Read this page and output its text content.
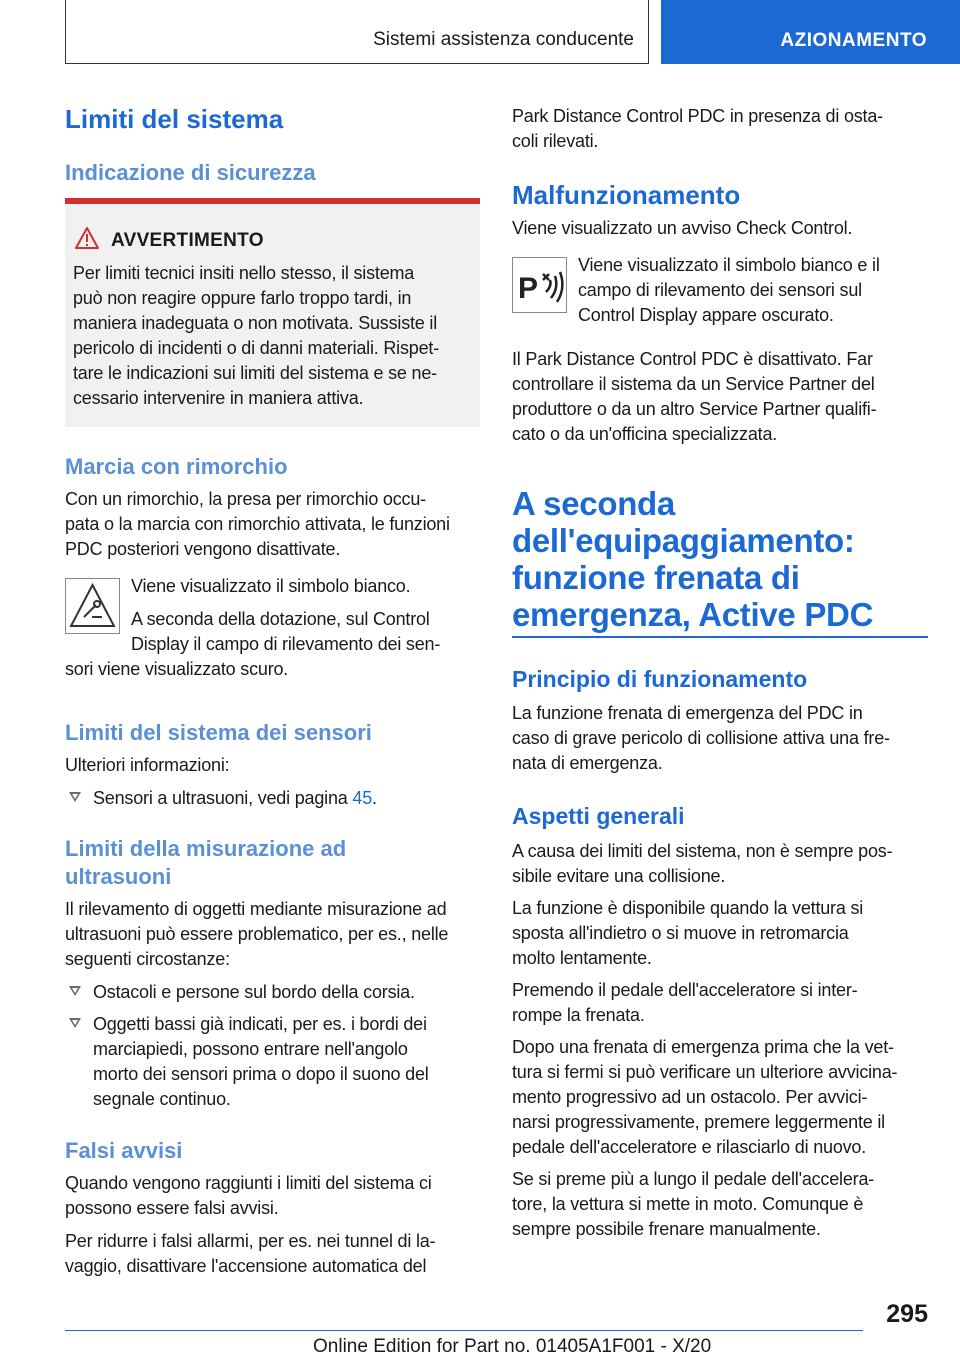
Sistemi assistenza conducente	AZIONAMENTO
Limiti del sistema
Indicazione di sicurezza
AVVERTIMENTO

Per limiti tecnici insiti nello stesso, il sistema

può non reagire oppure farlo troppo tardi, in

maniera inadeguata o non motivata. Sussiste il

pericolo di incidenti o di danni materiali. Rispet-

tare le indicazioni sui limiti del sistema e se ne-

cessario intervenire in maniera attiva.

Marcia con rimorchio

Con un rimorchio, la presa per rimorchio occu-

pata o la marcia con rimorchio attivata, le funzioni

PDC posteriori vengono disattivate.

Viene visualizzato il simbolo bianco.

A seconda della dotazione, sul Control

Display il campo di rilevamento dei sen-

sori viene visualizzato scuro.

Limiti del sistema dei sensori

Ulteriori informazioni:

Sensori a ultrasuoni, vedi pagina 45.

Limiti della misurazione ad
ultrasuoni

Il rilevamento di oggetti mediante misurazione ad

ultrasuoni può essere problematico, per es., nelle

seguenti circostanze:

Ostacoli e persone sul bordo della corsia.

Oggetti bassi già indicati, per es. i bordi dei

marciapiedi, possono entrare nell'angolo

morto dei sensori prima o dopo il suono del

segnale continuo.

Falsi avvisi

Quando vengono raggiunti i limiti del sistema ci

possono essere falsi avvisi.

Per ridurre i falsi allarmi, per es. nei tunnel di la-

vaggio, disattivare l'accensione automatica del

Park Distance Control PDC in presenza di osta-

coli rilevati.

Malfunzionamento

Viene visualizzato un avviso Check Control.

P

Viene visualizzato il simbolo bianco e il

campo di rilevamento dei sensori sul

Control Display appare oscurato.

Il Park Distance Control PDC è disattivato. Far

controllare il sistema da un Service Partner del

produttore o da un altro Service Partner qualifi-

cato o da un'officina specializzata.

A seconda

dell'equipaggiamento:

funzione frenata di

emergenza, Active PDC

Principio di funzionamento

La funzione frenata di emergenza del PDC in

caso di grave pericolo di collisione attiva una fre-

nata di emergenza.

Aspetti generali

A causa dei limiti del sistema, non è sempre pos-

sibile evitare una collisione.

La funzione è disponibile quando la vettura si

sposta all'indietro o si muove in retromarcia

molto lentamente.

Premendo il pedale dell'acceleratore si inter-

rompe la frenata.

Dopo una frenata di emergenza prima che la vet-

tura si fermi si può verificare un ulteriore avvicina-

mento progressivo ad un ostacolo. Per avvici-

narsi progressivamente, premere leggermente il

pedale dell'acceleratore e rilasciarlo di nuovo.

Se si preme più a lungo il pedale dell'accelera-

tore, la vettura si mette in moto. Comunque è

sempre possibile frenare manualmente.

295
Online Edition for Part no. 01405A1F001 - X/20
